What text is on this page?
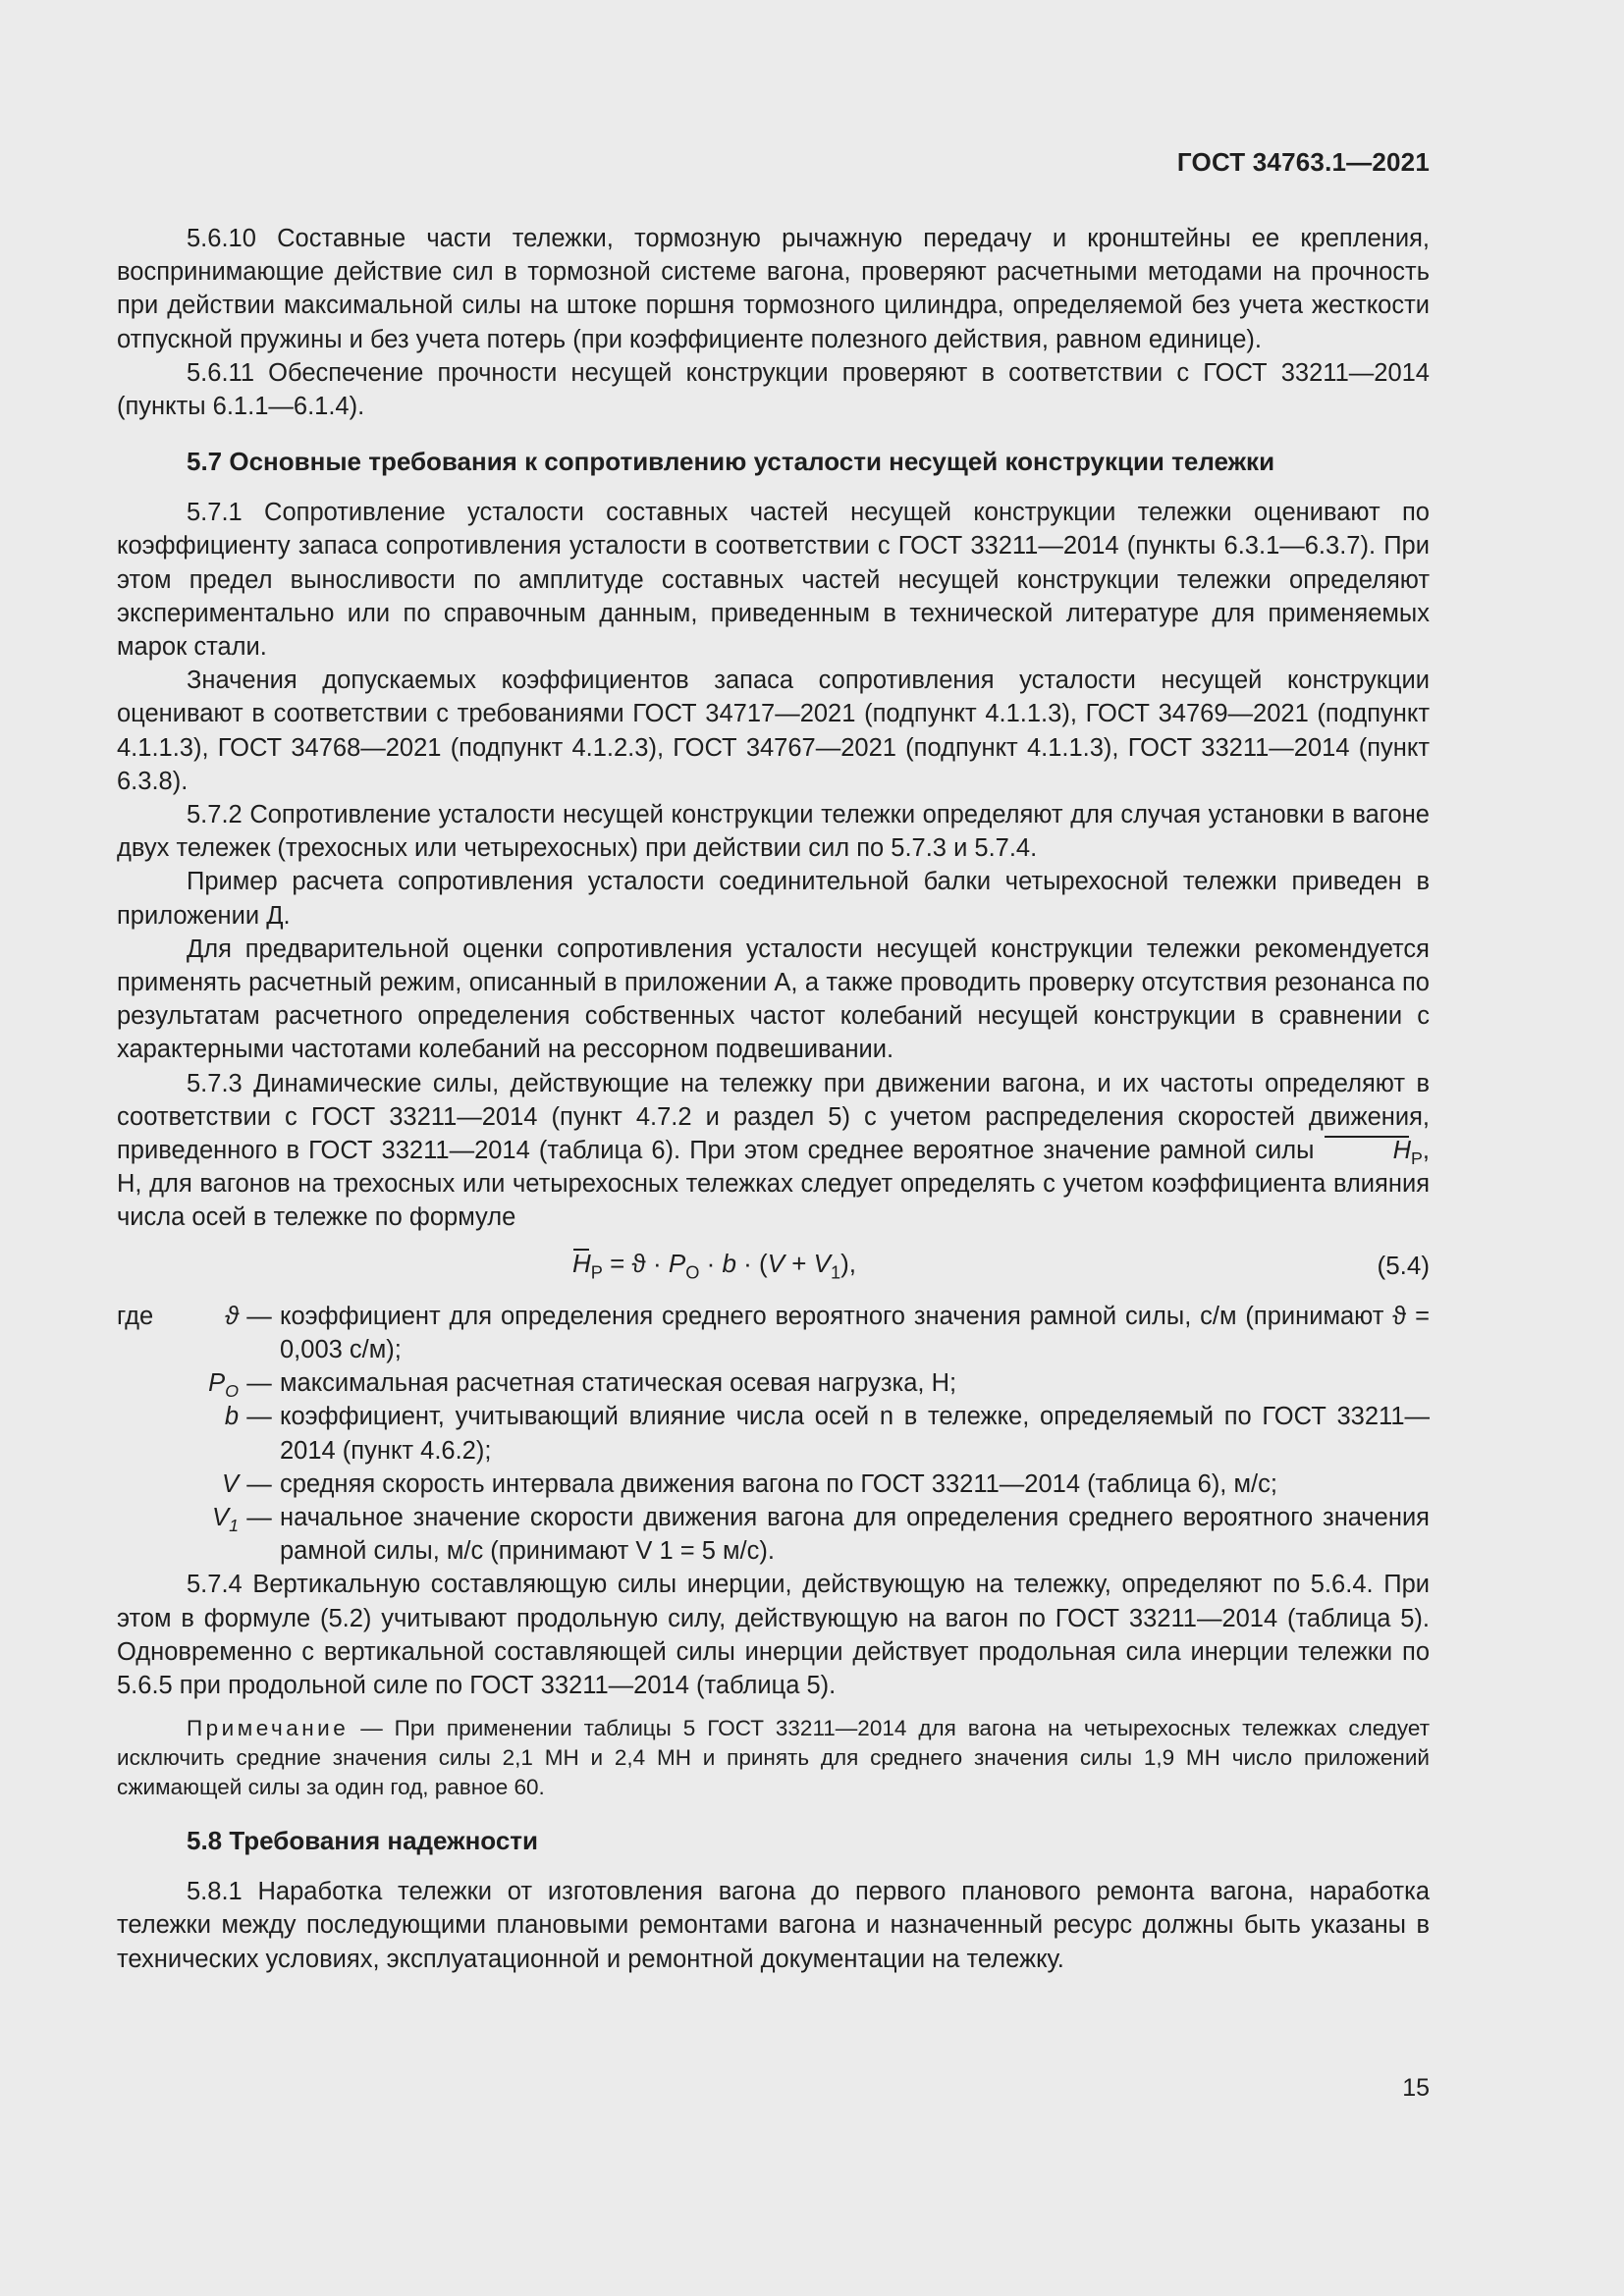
ГОСТ 34763.1—2021

5.6.10 Составные части тележки, тормозную рычажную передачу и кронштейны ее крепления, воспринимающие действие сил в тормозной системе вагона, проверяют расчетными методами на прочность при действии максимальной силы на штоке поршня тормозного цилиндра, определяемой без учета жесткости отпускной пружины и без учета потерь (при коэффициенте полезного действия, равном единице).

5.6.11 Обеспечение прочности несущей конструкции проверяют в соответствии с ГОСТ 33211—2014 (пункты 6.1.1—6.1.4).

5.7 Основные требования к сопротивлению усталости несущей конструкции тележки

5.7.1 Сопротивление усталости составных частей несущей конструкции тележки оценивают по коэффициенту запаса сопротивления усталости в соответствии с ГОСТ 33211—2014 (пункты 6.3.1—6.3.7). При этом предел выносливости по амплитуде составных частей несущей конструкции тележки определяют экспериментально или по справочным данным, приведенным в технической литературе для применяемых марок стали.

Значения допускаемых коэффициентов запаса сопротивления усталости несущей конструкции оценивают в соответствии с требованиями ГОСТ 34717—2021 (подпункт 4.1.1.3), ГОСТ 34769—2021 (подпункт 4.1.1.3), ГОСТ 34768—2021 (подпункт 4.1.2.3), ГОСТ 34767—2021 (подпункт 4.1.1.3), ГОСТ 33211—2014 (пункт 6.3.8).

5.7.2 Сопротивление усталости несущей конструкции тележки определяют для случая установки в вагоне двух тележек (трехосных или четырехосных) при действии сил по 5.7.3 и 5.7.4.

Пример расчета сопротивления усталости соединительной балки четырехосной тележки приведен в приложении Д.

Для предварительной оценки сопротивления усталости несущей конструкции тележки рекомендуется применять расчетный режим, описанный в приложении А, а также проводить проверку отсутствия резонанса по результатам расчетного определения собственных частот колебаний несущей конструкции в сравнении с характерными частотами колебаний на рессорном подвешивании.

5.7.3 Динамические силы, действующие на тележку при движении вагона, и их частоты определяют в соответствии с ГОСТ 33211—2014 (пункт 4.7.2 и раздел 5) с учетом распределения скоростей движения, приведенного в ГОСТ 33211—2014 (таблица 6). При этом среднее вероятное значение рамной силы	$H_P$, Н, для вагонов на трехосных или четырехосных тележках следует определять с учетом коэффициента влияния числа осей в тележке по формуле

$H_P = ϑ \cdot P_O \cdot b \cdot (V + V_1)$,	(5.4)
где	ϑ — коэффициент для определения среднего вероятного значения рамной силы, с/м (принимают ϑ = 0,003 с/м);
$P_O$ — максимальная расчетная статическая осевая нагрузка, Н;
b — коэффициент, учитывающий влияние числа осей n в тележке, определяемый по ГОСТ 33211—2014 (пункт 4.6.2);
V — средняя скорость интервала движения вагона по ГОСТ 33211—2014 (таблица 6), м/с;
$V_1$ — начальное значение скорости движения вагона для определения среднего вероятного значения рамной силы, м/с (принимают V 1 = 5 м/с).

5.7.4 Вертикальную составляющую силы инерции, действующую на тележку, определяют по 5.6.4. При этом в формуле (5.2) учитывают продольную силу, действующую на вагон по ГОСТ 33211—2014 (таблица 5). Одновременно с вертикальной составляющей силы инерции действует продольная сила инерции тележки по 5.6.5 при продольной силе по ГОСТ 33211—2014 (таблица 5).

Примечание — При применении таблицы 5 ГОСТ 33211—2014 для вагона на четырехосных тележках следует исключить средние значения силы 2,1 МН и 2,4 МН и принять для среднего значения силы 1,9 МН число приложений сжимающей силы за один год, равное 60.

5.8 Требования надежности

5.8.1 Наработка тележки от изготовления вагона до первого планового ремонта вагона, наработка тележки между последующими плановыми ремонтами вагона и назначенный ресурс должны быть указаны в технических условиях, эксплуатационной и ремонтной документации на тележку.

15
